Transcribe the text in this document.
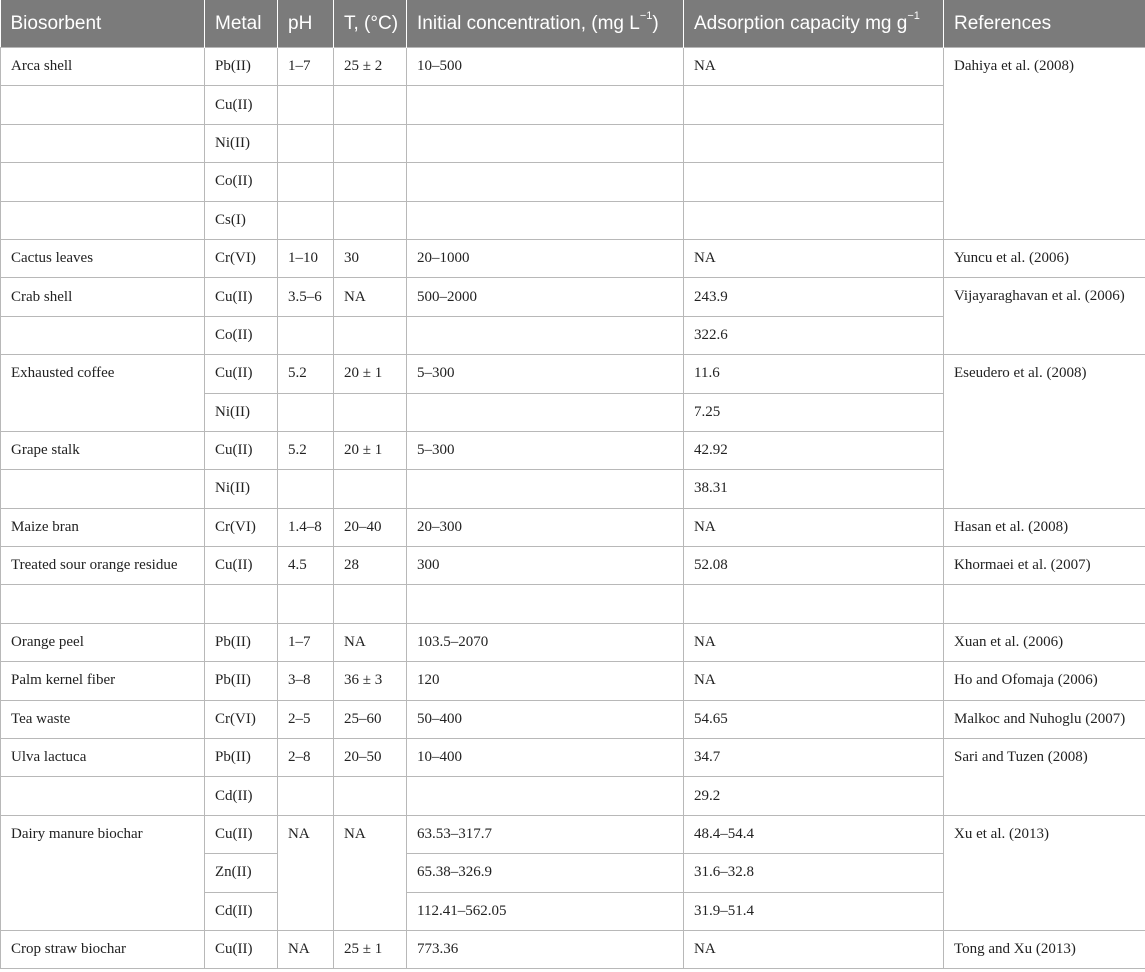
Biosorbent	Metal	pH	T, (°C)	Initial concentration, (mg $L^{-1}$)	Adsorption capacity mg $g^{-1}$	References
Arca shell	Pb(II)	1–7	25 ± 2	10–500	NA	Dahiya et al. (2008)
	Cu(II)					
	Ni(II)					
	Co(II)					
	Cs(I)					
Cactus leaves	Cr(VI)	1–10	30	20–1000	NA	Yuncu et al. (2006)
Crab shell	Cu(II)	3.5–6	NA	500–2000	243.9	Vijayaraghavan et al. (2006)
	Co(II)				322.6	
Exhausted coffee	Cu(II)	5.2	20 ± 1	5–300	11.6	Eseudero et al. (2008)
	Ni(II)				7.25	
Grape stalk	Cu(II)	5.2	20 ± 1	5–300	42.92	
	Ni(II)				38.31	
Maize bran	Cr(VI)	1.4–8	20–40	20–300	NA	Hasan et al. (2008)
Treated sour orange residue	Cu(II)	4.5	28	300	52.08	Khormaei et al. (2007)

Orange peel	Pb(II)	1–7	NA	103.5–2070	NA	Xuan et al. (2006)
Palm kernel fiber	Pb(II)	3–8	36 ± 3	120	NA	Ho and Ofomaja (2006)
Tea waste	Cr(VI)	2–5	25–60	50–400	54.65	Malkoc and Nuhoglu (2007)
Ulva lactuca	Pb(II)	2–8	20–50	10–400	34.7	Sari and Tuzen (2008)
	Cd(II)				29.2	
Dairy manure biochar	Cu(II)	NA	NA	63.53–317.7	48.4–54.4	Xu et al. (2013)
	Zn(II)			65.38–326.9	31.6–32.8	
	Cd(II)			112.41–562.05	31.9–51.4	
Crop straw biochar	Cu(II)	NA	25 ± 1	773.36	NA	Tong and Xu (2013)
